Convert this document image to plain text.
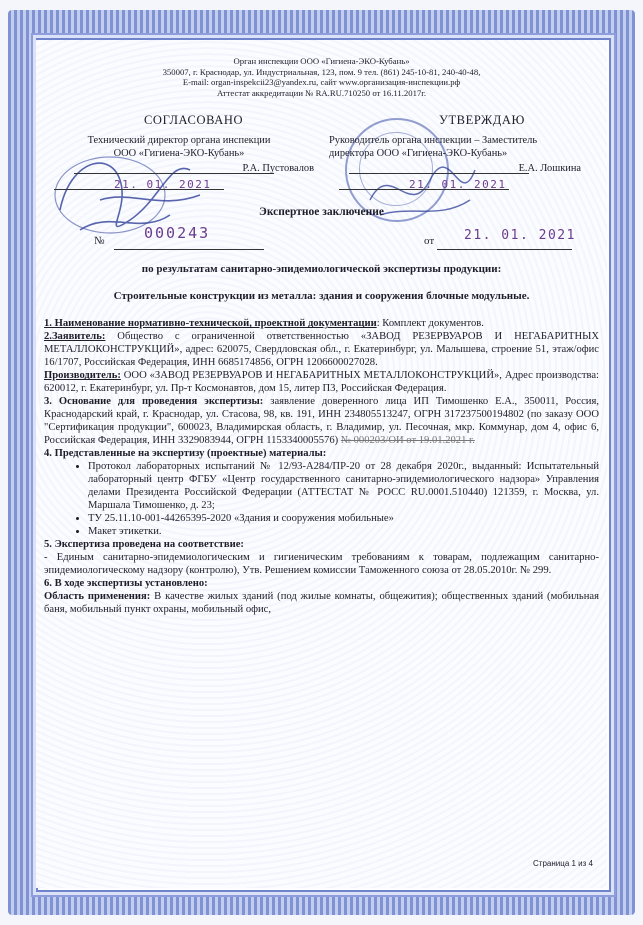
Орган инспекции ООО «Гигиена-ЭКО-Кубань»
350007, г. Краснодар, ул. Индустриальная, 123, пом. 9 тел. (861) 245-10-81, 240-40-48,
E-mail: organ-inspekcii23@yandex.ru, сайт www.организация-инспекции.рф
Аттестат аккредитации № RA.RU.710250 от 16.11.2017г.
СОГЛАСОВАНО
Технический директор органа инспекции
ООО «Гигиена-ЭКО-Кубань»
Р.А. Пустовалов
21. 01. 2021
УТВЕРЖДАЮ
Руководитель органа инспекции – Заместитель
директора ООО «Гигиена-ЭКО-Кубань»
Е.А. Лошкина
21. 01. 2021
Экспертное заключение
№	000243	от 21. 01. 2021
по результатам санитарно-эпидемиологической экспертизы продукции:
Строительные конструкции из металла: здания и сооружения блочные модульные.

1. Наименование нормативно-технической, проектной документации: Комплект документов.

2.Заявитель: Общество с ограниченной ответственностью «ЗАВОД РЕЗЕРВУАРОВ И НЕГАБАРИТНЫХ МЕТАЛЛОКОНСТРУКЦИЙ», адрес: 620075, Свердловская обл., г. Екатеринбург, ул. Малышева, строение 51, этаж/офис 16/1707, Российская Федерация, ИНН 6685174856, ОГРН 1206600027028.

Производитель: ООО «ЗАВОД РЕЗЕРВУАРОВ И НЕГАБАРИТНЫХ МЕТАЛЛОКОНСТРУКЦИЙ», Адрес производства: 620012, г. Екатеринбург, ул. Пр-т Космонавтов, дом 15, литер П3, Российская Федерация.

3. Основание для проведения экспертизы: заявление доверенного лица ИП Тимошенко Е.А., 350011, Россия, Краснодарский край, г. Краснодар, ул. Стасова, 98, кв. 191, ИНН 234805513247, ОГРН 317237500194802 (по заказу ООО "Сертификация продукции", 600023, Владимирская область, г. Владимир, ул. Песочная, мкр. Коммунар, дом 4, офис 6, Российская Федерация, ИНН 3329083944, ОГРН 1153340005576) № 000203/ОИ от 19.01.2021 г.

4. Представленные на экспертизу (проектные) материалы:

• Протокол лабораторных испытаний № 12/93-А284/ПР-20 от 28 декабря 2020г., выданный: Испытательный лабораторный центр ФГБУ «Центр государственного санитарно-эпидемиологического надзора» Управления делами Президента Российской Федерации (АТТЕСТАТ № РОСС RU.0001.510440) 121359, г. Москва, ул. Маршала Тимошенко, д. 23;
• ТУ 25.11.10-001-44265395-2020 «Здания и сооружения мобильные»
• Макет этикетки.

5. Экспертиза проведена на соответствие:

- Единым санитарно-эпидемиологическим и гигиеническим требованиям к товарам, подлежащим санитарно-эпидемиологическому надзору (контролю), Утв. Решением комиссии Таможенного союза от 28.05.2010г. № 299.

6. В ходе экспертизы установлено:

Область применения: В качестве жилых зданий (под жилые комнаты, общежития); общественных зданий (мобильная баня, мобильный пункт охраны, мобильный офис,

Страница 1 из 4
